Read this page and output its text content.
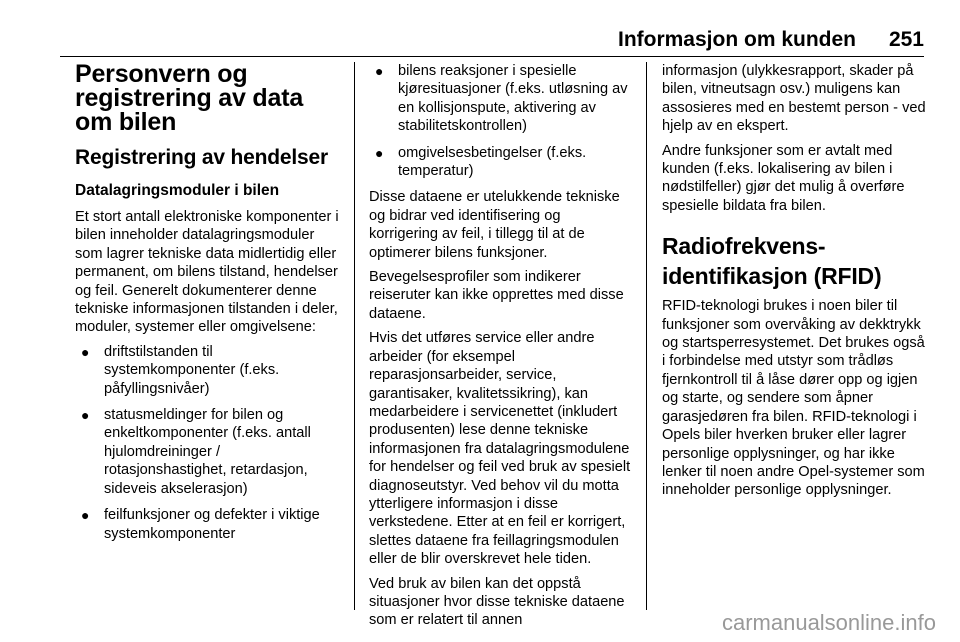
Informasjon om kunden 251
Personvern og registrering av data om bilen
Registrering av hendelser
Datalagringsmoduler i bilen

Et stort antall elektroniske komponenter i bilen inneholder datalagringsmoduler som lagrer tekniske data midlertidig eller permanent, om bilens tilstand, hendelser og feil. Generelt dokumenterer denne tekniske informasjonen tilstanden i deler, moduler, systemer eller omgivelsene:

● driftstilstanden til systemkomponenter (f.eks. påfyllingsnivåer)
● statusmeldinger for bilen og enkeltkomponenter (f.eks. antall hjulomdreininger / rotasjonshastighet, retardasjon, sideveis akselerasjon)
● feilfunksjoner og defekter i viktige systemkomponenter
● bilens reaksjoner i spesielle kjøresituasjoner (f.eks. utløsning av en kollisjonspute, aktivering av stabilitetskontrollen)
● omgivelsesbetingelser (f.eks. temperatur)

Disse dataene er utelukkende tekniske og bidrar ved identifisering og korrigering av feil, i tillegg til at de optimerer bilens funksjoner.

Bevegelsesprofiler som indikerer reiseruter kan ikke opprettes med disse dataene.

Hvis det utføres service eller andre arbeider (for eksempel reparasjonsarbeider, service, garantisaker, kvalitetssikring), kan medarbeidere i servicenettet (inkludert produsenten) lese denne tekniske informasjonen fra datalagringsmodulene for hendelser og feil ved bruk av spesielt diagnoseutstyr. Ved behov vil du motta ytterligere informasjon i disse verkstedene. Etter at en feil er korrigert, slettes dataene fra feillagringsmodulen eller de blir overskrevet hele tiden.

Ved bruk av bilen kan det oppstå situasjoner hvor disse tekniske dataene som er relatert til annen

informasjon (ulykkesrapport, skader på bilen, vitneutsagn osv.) muligens kan assosieres med en bestemt person - ved hjelp av en ekspert.

Andre funksjoner som er avtalt med kunden (f.eks. lokalisering av bilen i nødstilfeller) gjør det mulig å overføre spesielle bildata fra bilen.

Radiofrekvens-identifikasjon (RFID)

RFID-teknologi brukes i noen biler til funksjoner som overvåking av dekktrykk og startsperresystemet. Det brukes også i forbindelse med utstyr som trådløs fjernkontroll til å låse dører opp og igjen og starte, og sendere som åpner garasjedøren fra bilen. RFID-teknologi i Opels biler hverken bruker eller lagrer personlige opplysninger, og har ikke lenker til noen andre Opel-systemer som inneholder personlige opplysninger.

carmanualsonline.info
